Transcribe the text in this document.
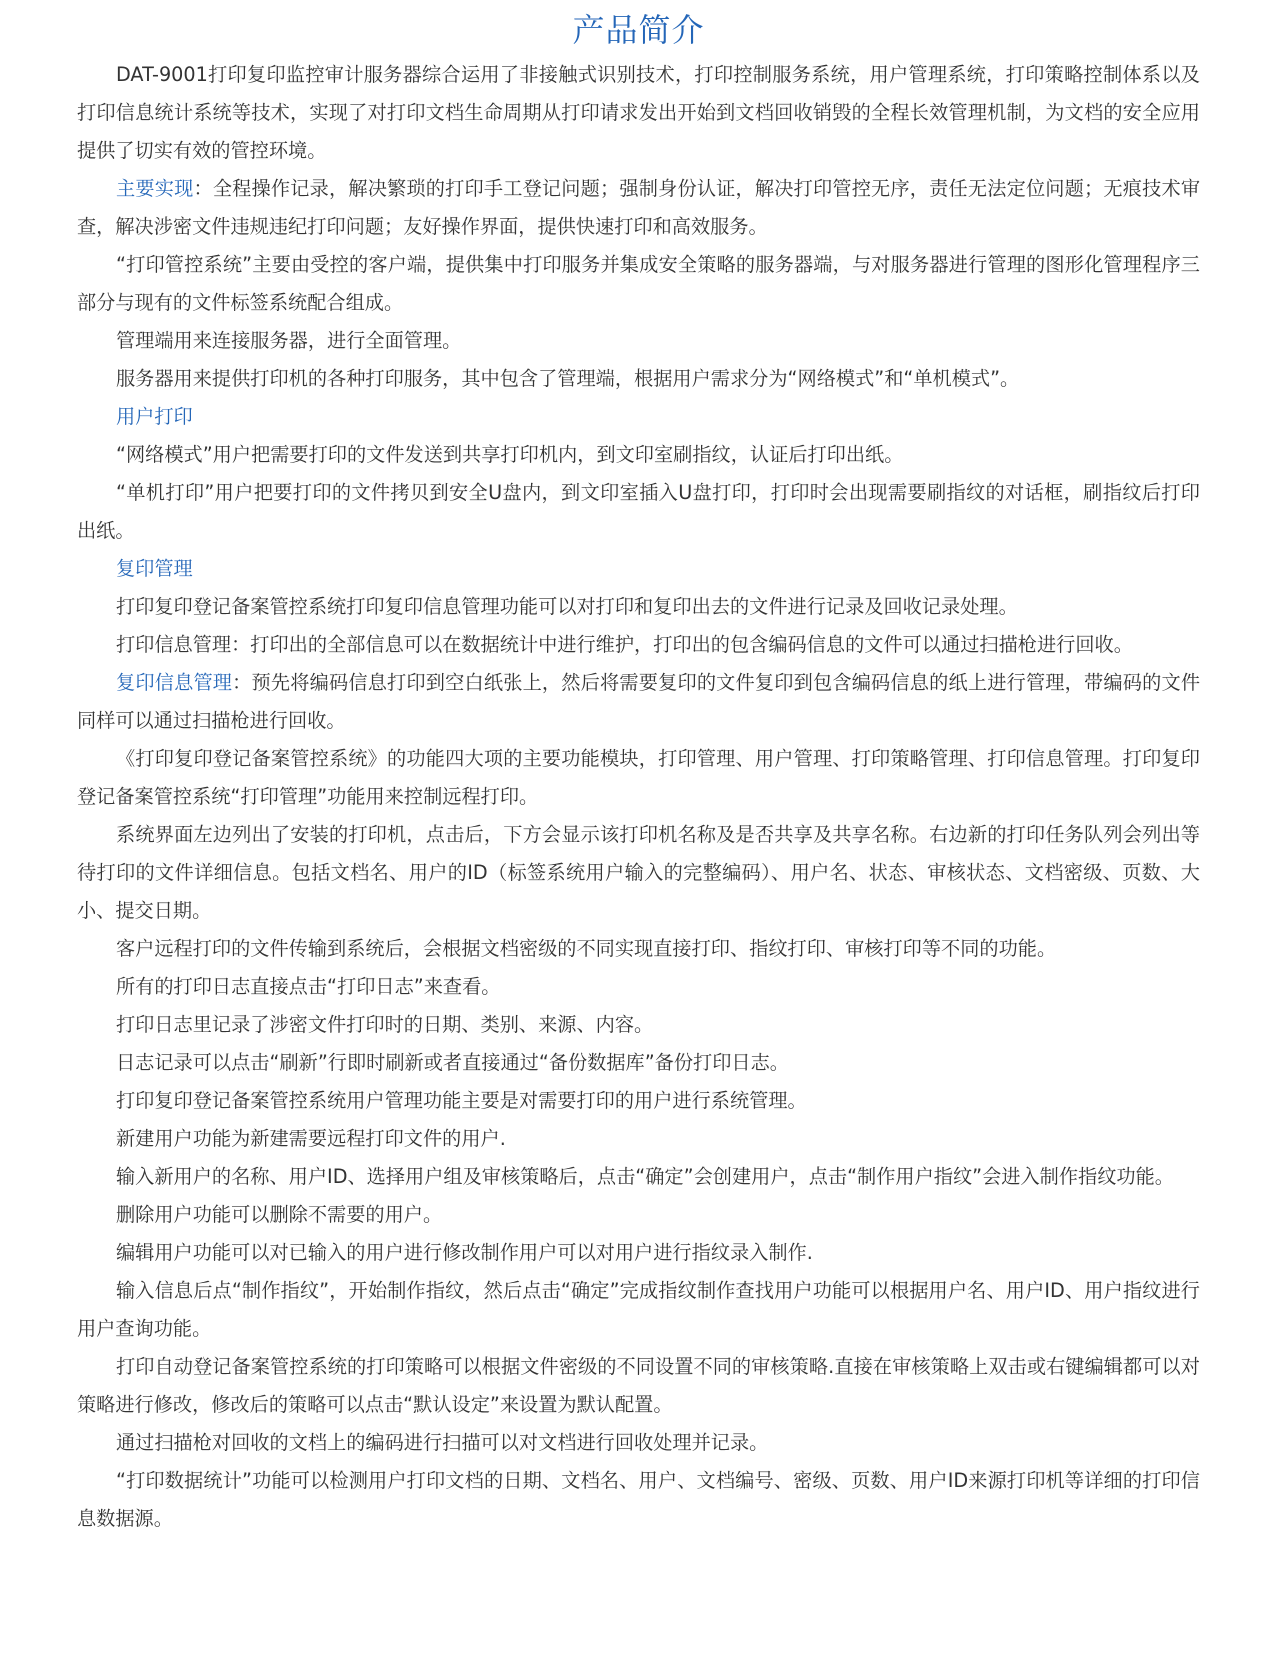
产品简介

DAT-9001打印复印监控审计服务器综合运用了非接触式识别技术，打印控制服务系统，用户管理系统，打印策略控制体系以及打印信息统计系统等技术，实现了对打印文档生命周期从打印请求发出开始到文档回收销毁的全程长效管理机制，为文档的安全应用提供了切实有效的管控环境。

主要实现：全程操作记录，解决繁琐的打印手工登记问题；强制身份认证，解决打印管控无序，责任无法定位问题；无痕技术审查，解决涉密文件违规违纪打印问题；友好操作界面，提供快速打印和高效服务。

“打印管控系统”主要由受控的客户端，提供集中打印服务并集成安全策略的服务器端，与对服务器进行管理的图形化管理程序三部分与现有的文件标签系统配合组成。

管理端用来连接服务器，进行全面管理。

服务器用来提供打印机的各种打印服务，其中包含了管理端，根据用户需求分为“网络模式”和“单机模式”。

用户打印

“网络模式”用户把需要打印的文件发送到共享打印机内，到文印室刷指纹，认证后打印出纸。

“单机打印”用户把要打印的文件拷贝到安全U盘内，到文印室插入U盘打印，打印时会出现需要刷指纹的对话框，刷指纹后打印出纸。

复印管理

打印复印登记备案管控系统打印复印信息管理功能可以对打印和复印出去的文件进行记录及回收记录处理。

打印信息管理：打印出的全部信息可以在数据统计中进行维护，打印出的包含编码信息的文件可以通过扫描枪进行回收。

复印信息管理：预先将编码信息打印到空白纸张上，然后将需要复印的文件复印到包含编码信息的纸上进行管理，带编码的文件同样可以通过扫描枪进行回收。

《打印复印登记备案管控系统》的功能四大项的主要功能模块，打印管理、用户管理、打印策略管理、打印信息管理。打印复印登记备案管控系统“打印管理”功能用来控制远程打印。

系统界面左边列出了安装的打印机，点击后，下方会显示该打印机名称及是否共享及共享名称。右边新的打印任务队列会列出等待打印的文件详细信息。包括文档名、用户的ID（标签系统用户输入的完整编码）、用户名、状态、审核状态、文档密级、页数、大小、提交日期。

客户远程打印的文件传输到系统后，会根据文档密级的不同实现直接打印、指纹打印、审核打印等不同的功能。

所有的打印日志直接点击“打印日志”来查看。

打印日志里记录了涉密文件打印时的日期、类别、来源、内容。

日志记录可以点击“刷新”行即时刷新或者直接通过“备份数据库”备份打印日志。

打印复印登记备案管控系统用户管理功能主要是对需要打印的用户进行系统管理。

新建用户功能为新建需要远程打印文件的用户.

输入新用户的名称、用户ID、选择用户组及审核策略后，点击“确定”会创建用户，点击“制作用户指纹”会进入制作指纹功能。

删除用户功能可以删除不需要的用户。

编辑用户功能可以对已输入的用户进行修改制作用户可以对用户进行指纹录入制作.

输入信息后点“制作指纹”，开始制作指纹，然后点击“确定”完成指纹制作查找用户功能可以根据用户名、用户ID、用户指纹进行用户查询功能。

打印自动登记备案管控系统的打印策略可以根据文件密级的不同设置不同的审核策略.直接在审核策略上双击或右键编辑都可以对策略进行修改，修改后的策略可以点击“默认设定”来设置为默认配置。

通过扫描枪对回收的文档上的编码进行扫描可以对文档进行回收处理并记录。

“打印数据统计”功能可以检测用户打印文档的日期、文档名、用户、文档编号、密级、页数、用户ID来源打印机等详细的打印信息数据源。
